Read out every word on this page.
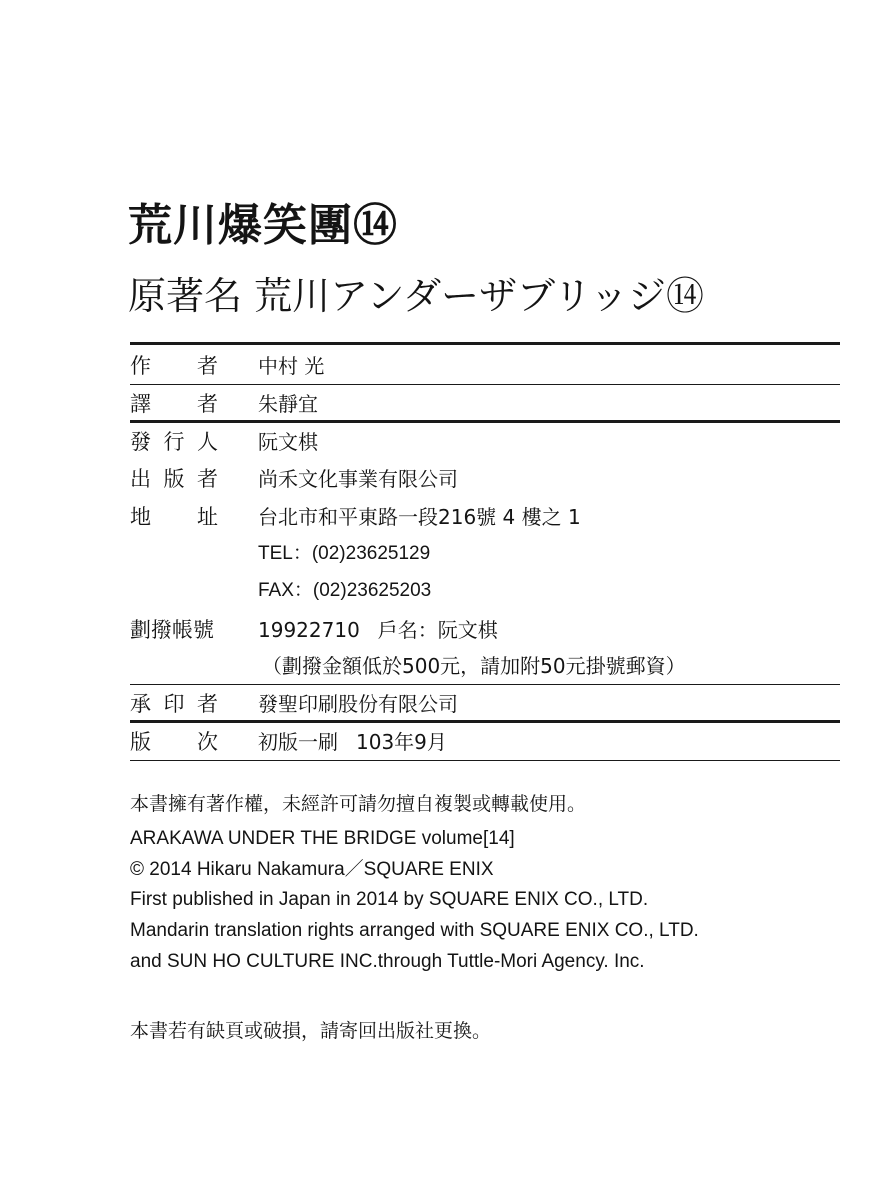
荒川爆笑團⑭
原著名 荒川アンダーザブリッジ⑭
作 者 中村 光
譯 者 朱靜宜
發 行 人 阮文棋
出 版 者 尚禾文化事業有限公司
地 址 台北市和平東路一段216號 4 樓之 1
TEL：(02)23625129
FAX：(02)23625203
劃撥帳號 19922710 戶名：阮文棋
（劃撥金額低於500元，請加附50元掛號郵資）
承 印 者 發聖印刷股份有限公司
版 次 初版一刷 103年9月
本書擁有著作權，未經許可請勿擅自複製或轉載使用。
ARAKAWA UNDER THE BRIDGE volume[14]
© 2014 Hikaru Nakamura／SQUARE ENIX
First published in Japan in 2014 by SQUARE ENIX CO., LTD.
Mandarin translation rights arranged with SQUARE ENIX CO., LTD.
and SUN HO CULTURE INC.through Tuttle-Mori Agency. Inc.
本書若有缺頁或破損，請寄回出版社更換。
